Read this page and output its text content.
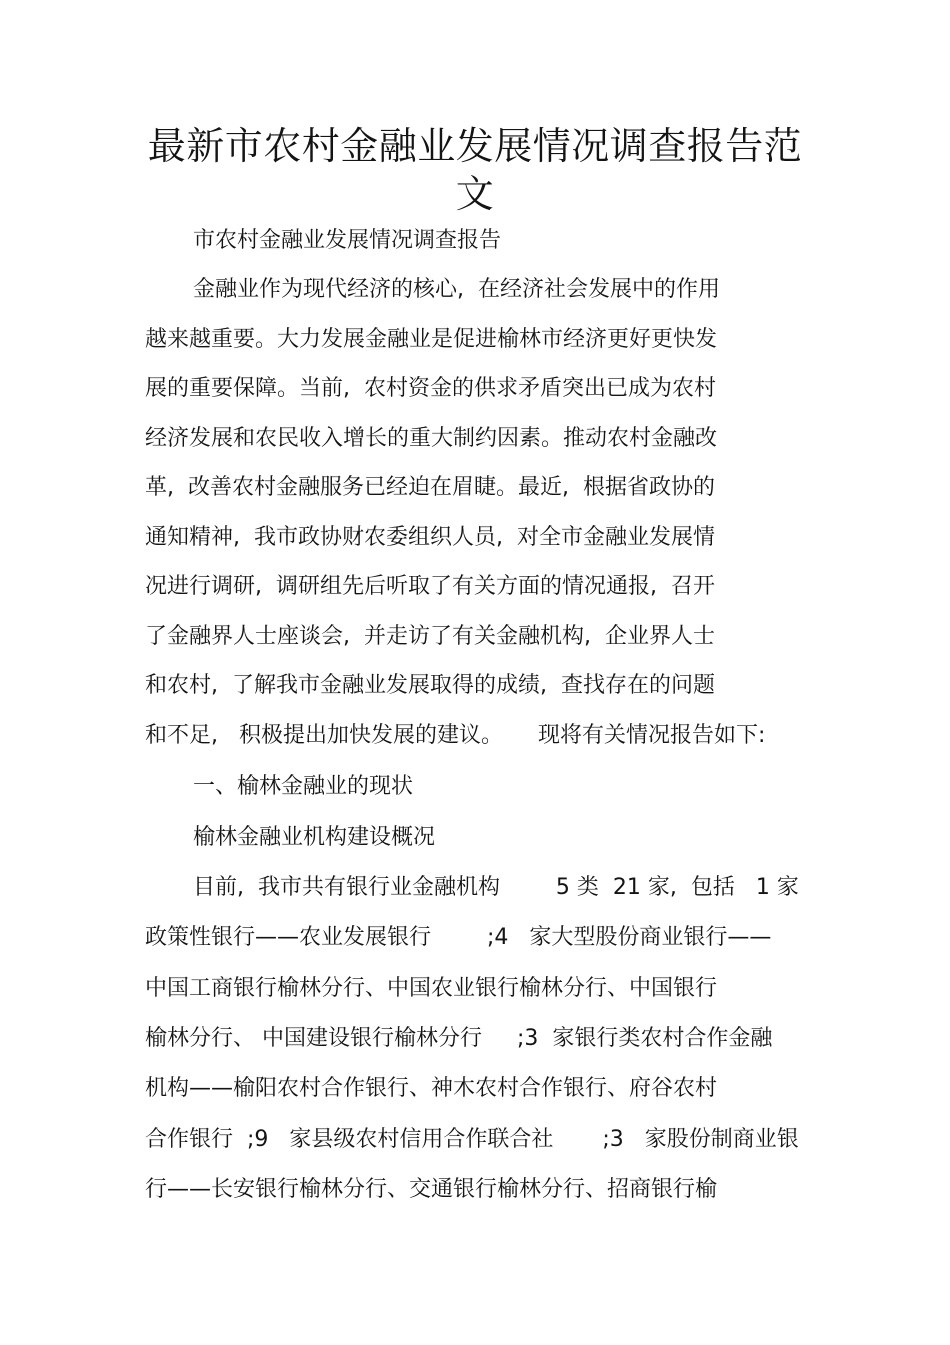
最新市农村金融业发展情况调查报告范
文

市农村金融业发展情况调查报告

金融业作为现代经济的核心,  在经济社会发展中的作用

越来越重要。大力发展金融业是促进榆林市经济更好更快发

展的重要保障。当前,  农村资金的供求矛盾突出已成为农村

经济发展和农民收入增长的重大制约因素。推动农村金融改

革,  改善农村金融服务已经迫在眉睫。最近,  根据省政协的

通知精神,  我市政协财农委组织人员,  对全市金融业发展情

况进行调研,  调研组先后听取了有关方面的情况通报,  召开

了金融界人士座谈会,  并走访了有关金融机构,  企业界人士

和农村,  了解我市金融业发展取得的成绩,  查找存在的问题

和不足,   积极提出加快发展的建议。     现将有关情况报告如下:

一、榆林金融业的现状

榆林金融业机构建设概况

目前,  我市共有银行业金融机构        5 类  21 家,  包括   1 家

政策性银行——农业发展银行        ;4   家大型股份商业银行——

中国工商银行榆林分行、中国农业银行榆林分行、中国银行

榆林分行、 中国建设银行榆林分行     ;3  家银行类农村合作金融

机构——榆阳农村合作银行、神木农村合作银行、府谷农村

合作银行  ;9   家县级农村信用合作联合社       ;3   家股份制商业银

行——长安银行榆林分行、交通银行榆林分行、招商银行榆
